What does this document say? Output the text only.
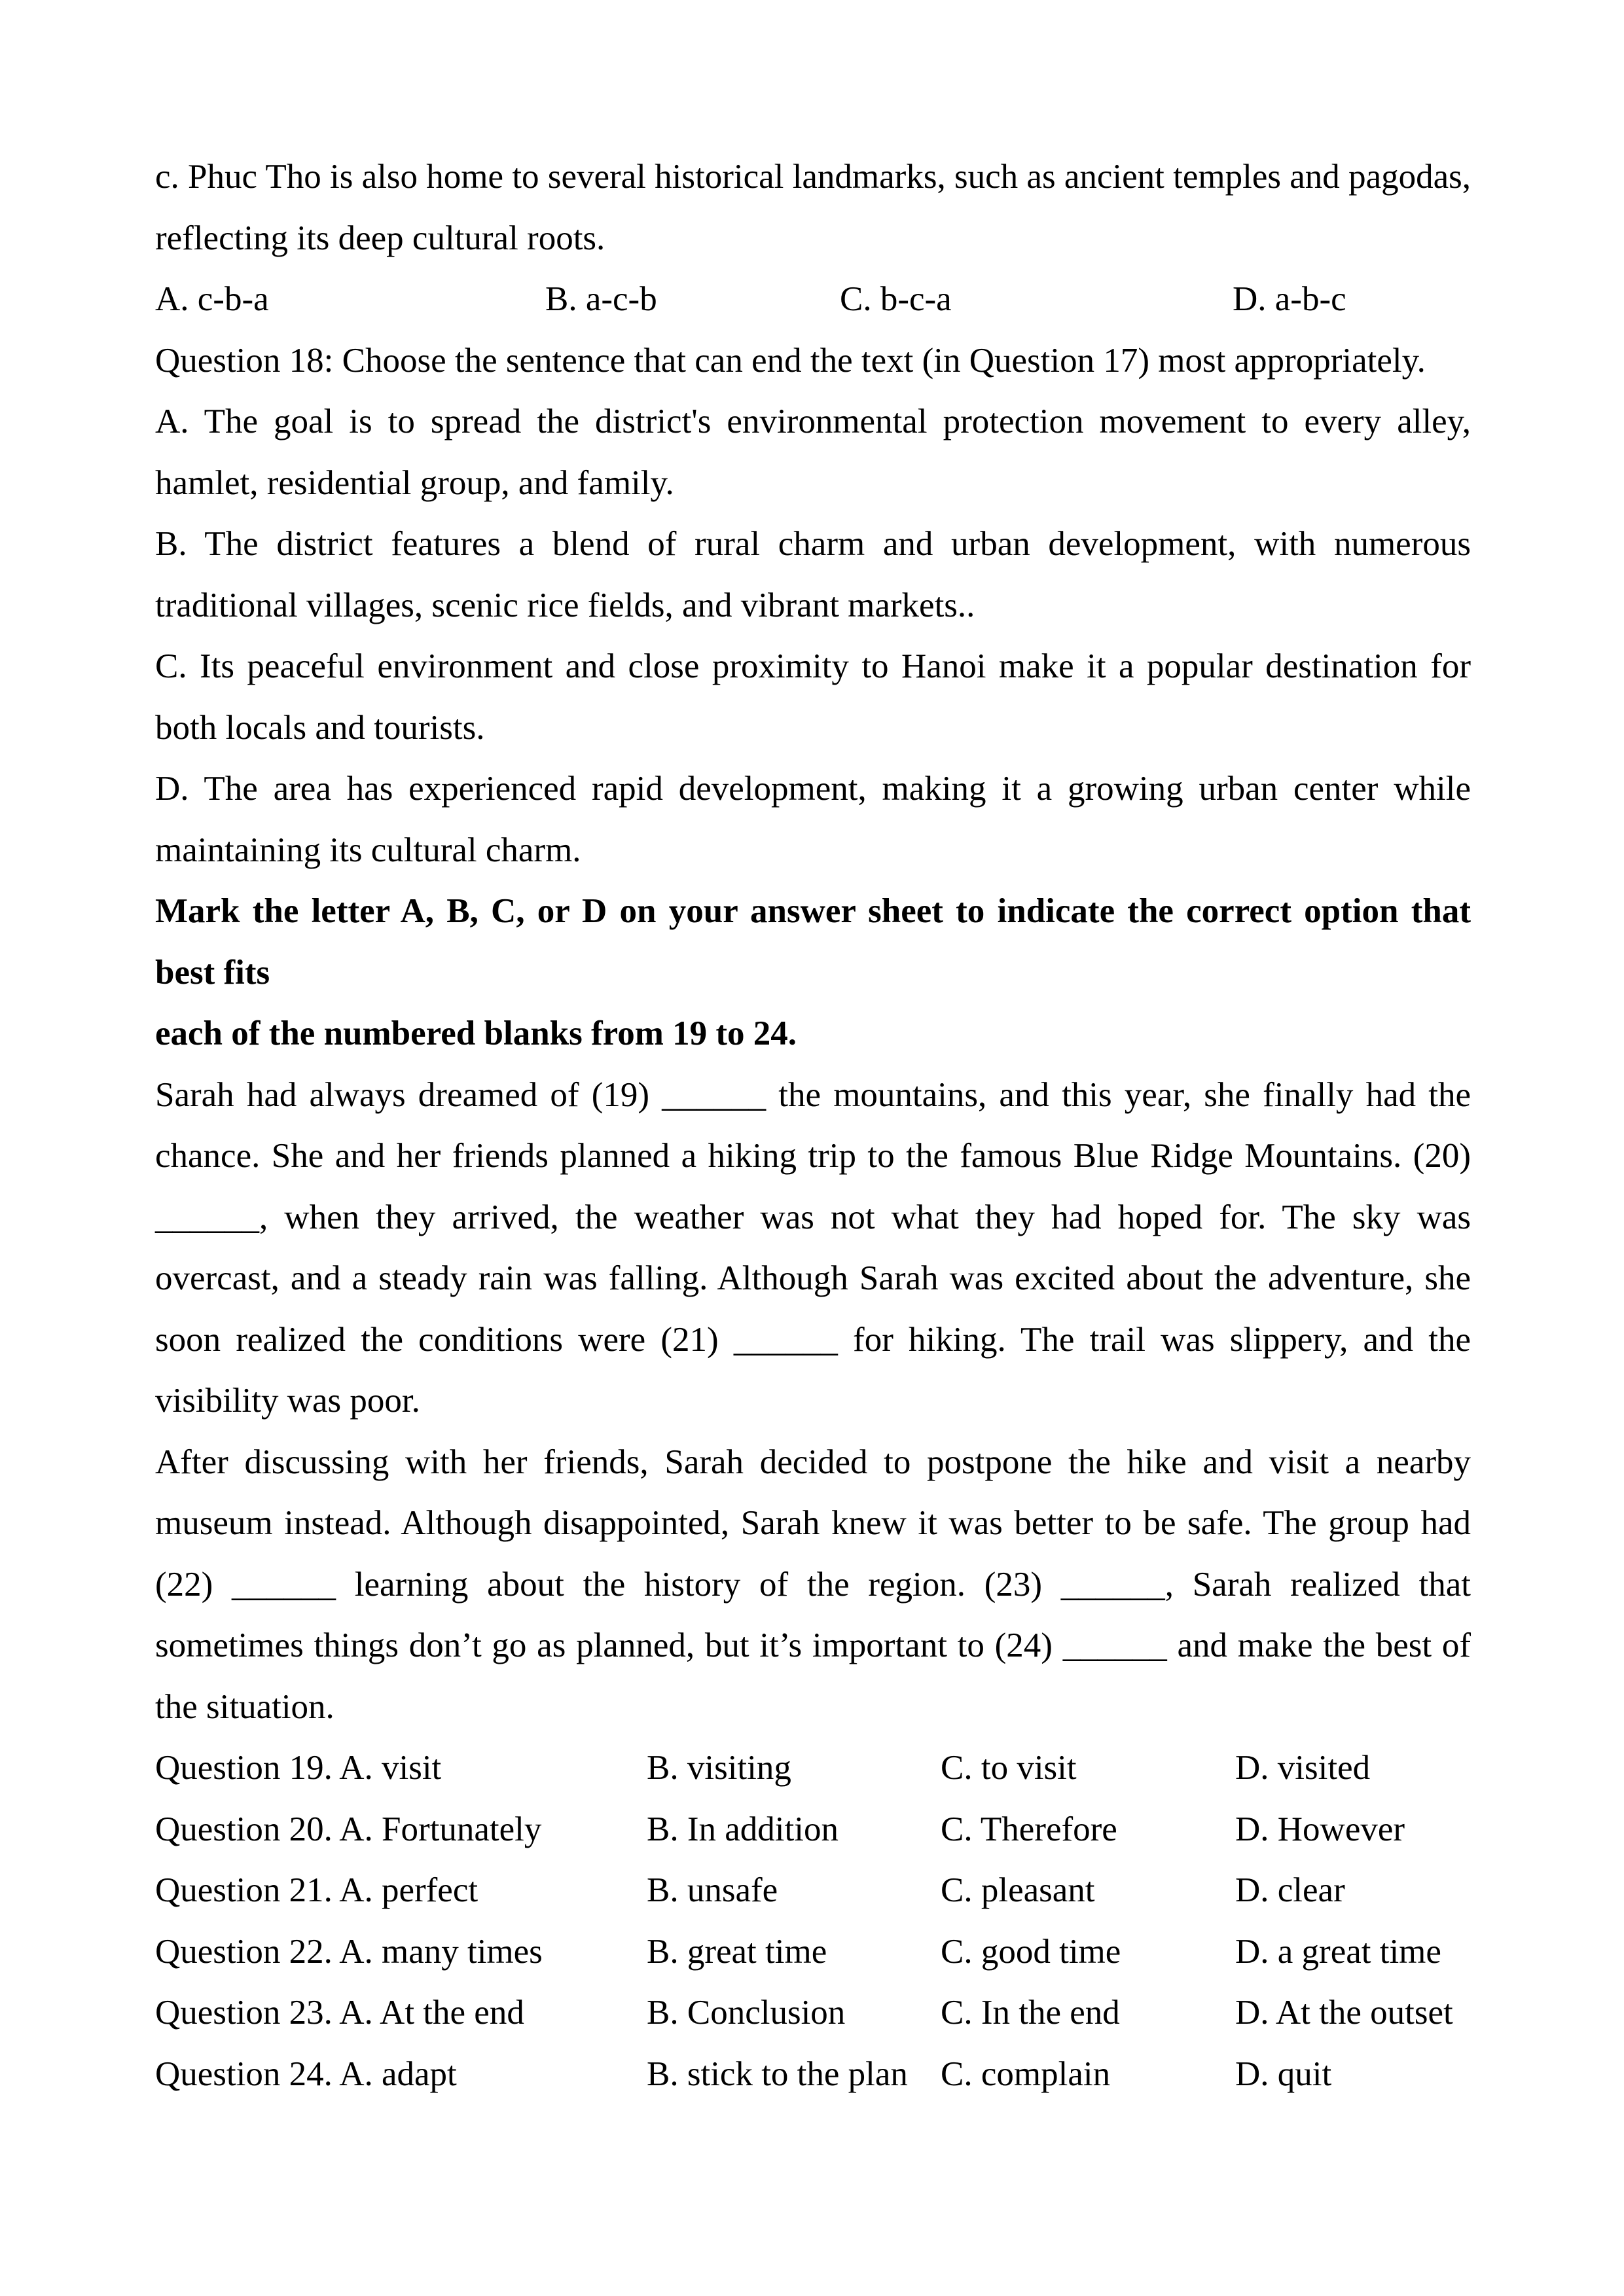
c. Phuc Tho is also home to several historical landmarks, such as ancient temples and pagodas,
reflecting its deep cultural roots.
A. c-b-a	B. a-c-b	C. b-c-a	D. a-b-c
Question 18: Choose the sentence that can end the text (in Question 17) most appropriately.
A. The goal is to spread the district's environmental protection movement to every alley,
hamlet, residential group, and family.
B. The district features a blend of rural charm and urban development, with numerous
traditional villages, scenic rice fields, and vibrant markets..
C. Its peaceful environment and close proximity to Hanoi make it a popular destination for
both locals and tourists.
D. The area has experienced rapid development, making it a growing urban center while
maintaining its cultural charm.
Mark the letter A, B, C, or D on your answer sheet to indicate the correct option that
best fits
each of the numbered blanks from 19 to 24.
Sarah had always dreamed of (19) ______ the mountains, and this year, she finally had the
chance. She and her friends planned a hiking trip to the famous Blue Ridge Mountains. (20)
______, when they arrived, the weather was not what they had hoped for. The sky was
overcast, and a steady rain was falling. Although Sarah was excited about the adventure, she
soon realized the conditions were (21) ______ for hiking. The trail was slippery, and the
visibility was poor.
After discussing with her friends, Sarah decided to postpone the hike and visit a nearby
museum instead. Although disappointed, Sarah knew it was better to be safe. The group had
(22) ______ learning about the history of the region. (23) ______, Sarah realized that
sometimes things don’t go as planned, but it’s important to (24) ______ and make the best of
the situation.
Question 19. A. visit	B. visiting	C. to visit	D. visited
Question 20. A. Fortunately	B. In addition	C. Therefore	D. However
Question 21. A. perfect	B. unsafe	C. pleasant	D. clear
Question 22. A. many times	B. great time	C. good time	D. a great time
Question 23. A. At the end	B. Conclusion	C. In the end	D. At the outset
Question 24. A. adapt	B. stick to the plan C. complain	D. quit
